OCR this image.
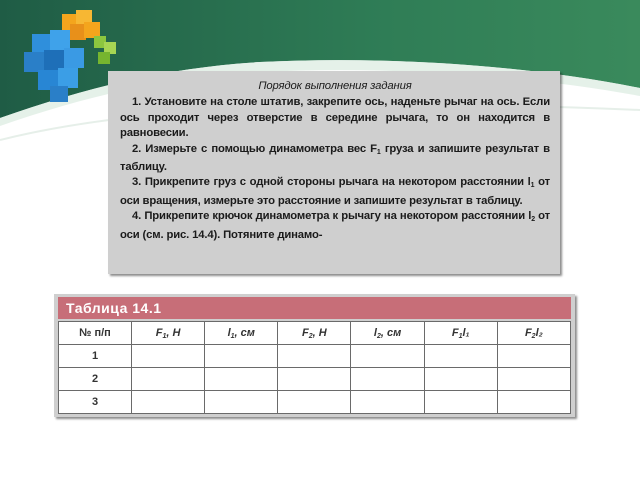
Порядок выполнения задания

1. Установите на столе штатив, закрепите ось, наденьте рычаг на ось. Если ось проходит через отверстие в середине рычага, то он находится в равновесии.

2. Измерьте с помощью динамометра вес $F_1$ груза и запишите результат в таблицу.

3. Прикрепите груз с одной стороны рычага на некотором расстоянии $l_1$ от оси вращения, измерьте это расстояние и запишите результат в таблицу.

4. Прикрепите крючок динамометра к рычагу на некотором расстоянии $l_2$ от оси (см. рис. 14.4). Потяните динамо-

Таблица 14.1
№ п/п	$F_1$, Н	$l_1$, см	$F_2$, Н	$l_2$, см	$F_1l_1$	$F_2l_2$
1						
2						
3						
